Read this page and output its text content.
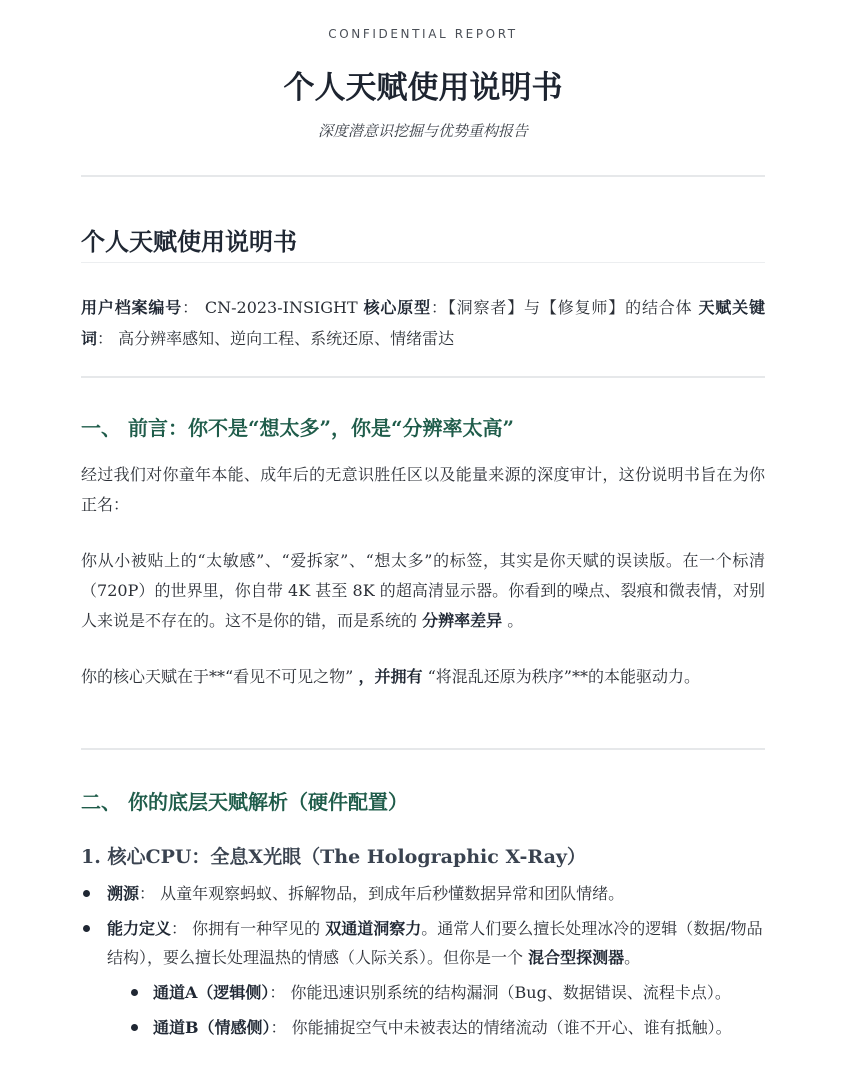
CONFIDENTIAL REPORT
个人天赋使用说明书
深度潜意识挖掘与优势重构报告
个人天赋使用说明书
用户档案编号： CN-2023-INSIGHT 核心原型：【洞察者】与【修复师】的结合体 天赋关键词： 高分辨率感知、逆向工程、系统还原、情绪雷达
一、 前言：你不是“想太多”，你是“分辨率太高”
经过我们对你童年本能、成年后的无意识胜任区以及能量来源的深度审计，这份说明书旨在为你正名：
你从小被贴上的“太敏感”、“爱拆家”、“想太多”的标签，其实是你天赋的误读版。在一个标清（720P）的世界里，你自带 4K 甚至 8K 的超高清显示器。你看到的噪点、裂痕和微表情，对别人来说是不存在的。这不是你的错，而是系统的 分辨率差异 。
你的核心天赋在于**“看见不可见之物” ，并拥有 “将混乱还原为秩序”**的本能驱动力。
二、 你的底层天赋解析（硬件配置）
1. 核心CPU：全息X光眼（The Holographic X-Ray）
溯源： 从童年观察蚂蚁、拆解物品，到成年后秒懂数据异常和团队情绪。
能力定义： 你拥有一种罕见的 双通道洞察力。通常人们要么擅长处理冰冷的逻辑（数据/物品结构），要么擅长处理温热的情感（人际关系）。但你是一个 混合型探测器。
通道A（逻辑侧）： 你能迅速识别系统的结构漏洞（Bug、数据错误、流程卡点）。
通道B（情感侧）： 你能捕捉空气中未被表达的情绪流动（谁不开心、谁有抵触）。
